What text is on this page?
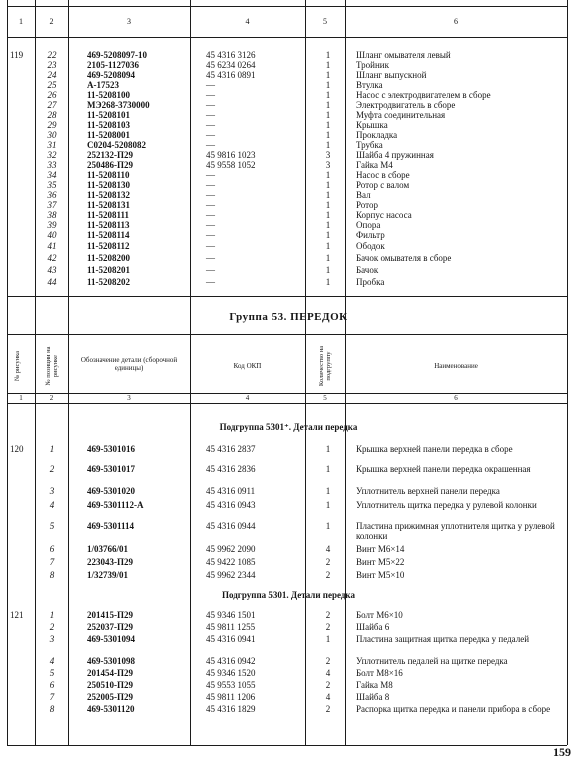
1	2	3	4	5	6
119	22	469-5208097-10	45 4316 3126	1	Шланг омывателя левый
23	2105-1127036	45 6234 0264	1	Тройник
24	469-5208094	45 4316 0891	1	Шланг выпускной
25	А-17523	—	1	Втулка
26	11-5208100	—	1	Насос с электродвигателем в сборе
27	МЭ268-3730000	—	1	Электродвигатель в сборе
28	11-5208101	—	1	Муфта соединительная
29	11-5208103	—	1	Крышка
30	11-5208001	—	1	Прокладка
31	С0204-5208082	—	1	Трубка
32	252132-П29	45 9816 1023	3	Шайба 4 пружинная
33	250486-П29	45 9558 1052	3	Гайка М4
34	11-5208110	—	1	Насос в сборе
35	11-5208130	—	1	Ротор с валом
36	11-5208132	—	1	Вал
37	11-5208131	—	1	Ротор
38	11-5208111	—	1	Корпус насоса
39	11-5208113	—	1	Опора
40	11-5208114	—	1	Фильтр
41	11-5208112	—	1	Ободок
42	11-5208200	—	1	Бачок омывателя в сборе
43	11-5208201	—	1	Бачок
44	11-5208202	—	1	Пробка
Группа 53. ПЕРЕДОК
№ рисунка	№ позиции на рисунке	Обозначение детали (сборочной единицы)	Код ОКП	Количество на подгруппу	Наименование
1	2	3	4	5	6
Подгруппа 5301⁺. Детали передка
120	1	469-5301016	45 4316 2837	1	Крышка верхней панели передка в сборе
2	469-5301017	45 4316 2836	1	Крышка верхней панели передка окрашенная
3	469-5301020	45 4316 0911	1	Уплотнитель верхней панели передка
4	469-5301112-А	45 4316 0943	1	Уплотнитель щитка передка у рулевой колонки
5	469-5301114	45 4316 0944	1	Пластина прижимная уплотнителя щитка у рулевой колонки
6	1/03766/01	45 9962 2090	4	Винт М6×14
7	223043-П29	45 9422 1085	2	Винт М5×22
8	1/32739/01	45 9962 2344	2	Винт М5×10
Подгруппа 5301. Детали передка
121	1	201415-П29	45 9346 1501	2	Болт М6×10
2	252037-П29	45 9811 1255	2	Шайба 6
3	469-5301094	45 4316 0941	1	Пластина защитная щитка передка у педалей
4	469-5301098	45 4316 0942	2	Уплотнитель педалей на щитке передка
5	201454-П29	45 9346 1520	4	Болт М8×16
6	250510-П29	45 9553 1055	2	Гайка М8
7	252005-П29	45 9811 1206	4	Шайба 8
8	469-5301120	45 4316 1829	2	Распорка щитка передка и панели прибора в сборе
159
